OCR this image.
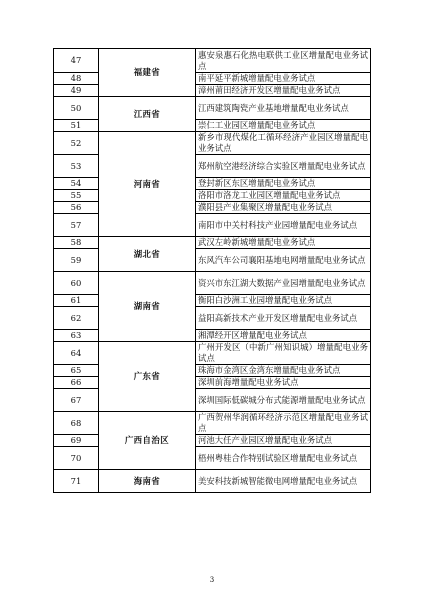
47	福建省	惠安泉惠石化热电联供工业区增量配电业务试点
48		南平延平新城增量配电业务试点
49		漳州莆田经济开发区增量配电业务试点
50	江西省	江西建筑陶瓷产业基地增量配电业务试点
51		崇仁工业园区增量配电业务试点
52	河南省	新乡市现代煤化工循环经济产业园区增量配电业务试点
53		郑州航空港经济综合实验区增量配电业务试点
54		登封新区东区增量配电业务试点
55		洛阳市洛龙工业园区增量配电业务试点
56		濮阳县产业集聚区增量配电业务试点
57		南阳市中关村科技产业园增量配电业务试点
58	湖北省	武汉左岭新城增量配电业务试点
59		东风汽车公司襄阳基地电网增量配电业务试点
60	湖南省	资兴市东江湖大数据产业园增量配电业务试点
61		衡阳白沙洲工业园增量配电业务试点
62		益阳高新技术产业开发区增量配电业务试点
63		湘潭经开区增量配电业务试点
64	广东省	广州开发区（中新广州知识城）增量配电业务试点
65		珠海市金湾区金湾东增量配电业务试点
66		深圳前海增量配电业务试点
67		深圳国际低碳城分布式能源增量配电业务试点
68	广西自治区	广西贺州华润循环经济示范区增量配电业务试点
69		河池大任产业园区增量配电业务试点
70		梧州粤桂合作特别试验区增量配电业务试点
71	海南省	美安科技新城智能微电网增量配电业务试点
3
